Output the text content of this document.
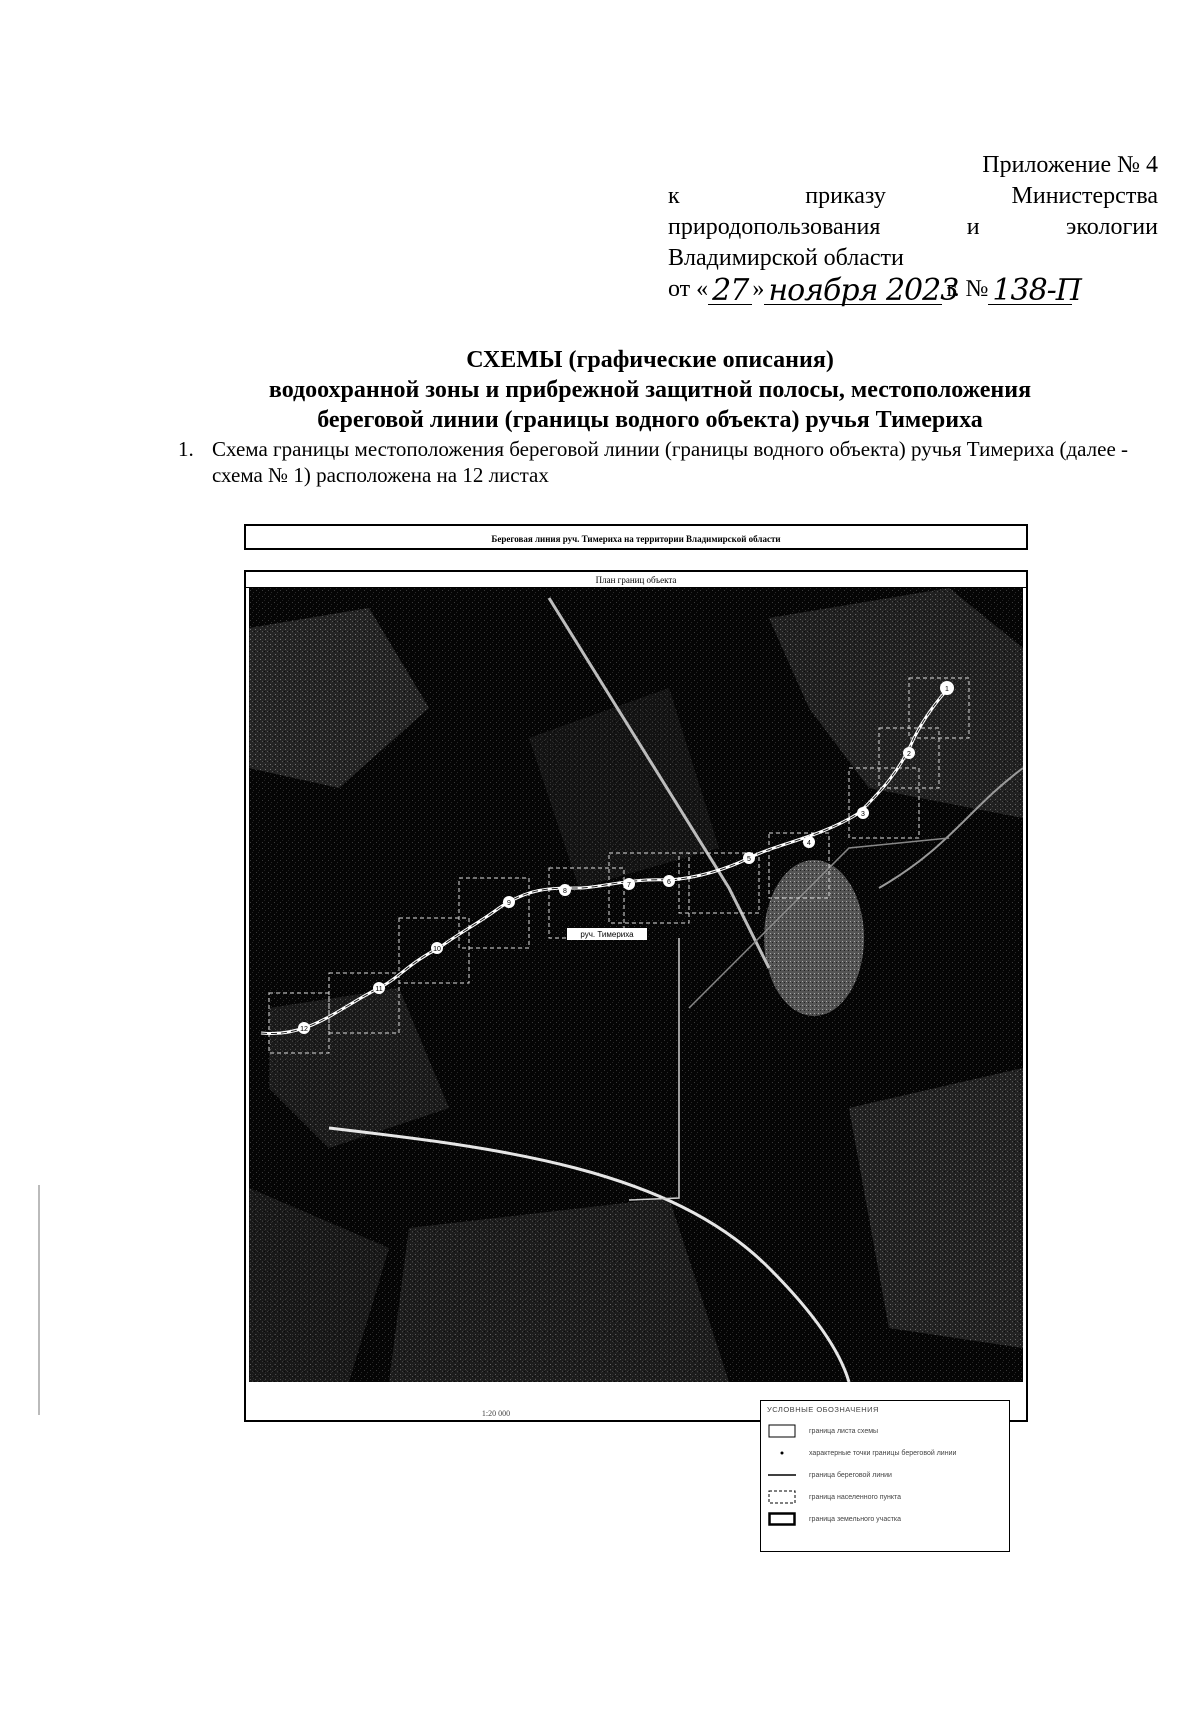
Приложение № 4
к	приказу	Министерства
природопользования	и	экологии
Владимирской области
от « 27 » ноября 2023
г. № 138-П
СХЕМЫ (графические описания)
водоохранной зоны и прибрежной защитной полосы, местоположения
береговой линии (границы водного объекта) ручья Тимериха
1. Схема границы местоположения береговой линии (границы водного объекта) ручья Тимериха (далее - схема № 1) расположена на 12 листах
Береговая линия руч. Тимериха на территории Владимирской области
План границ объекта
руч. Тимериха
1
2
3
4
5
6
7
8
9
10
11
12
1:20 000	УСЛОВНЫЕ ОБОЗНАЧЕНИЯ
граница листа схемы
характерные точки границы береговой линии
граница береговой линии
граница населенного пункта
граница земельного участка
